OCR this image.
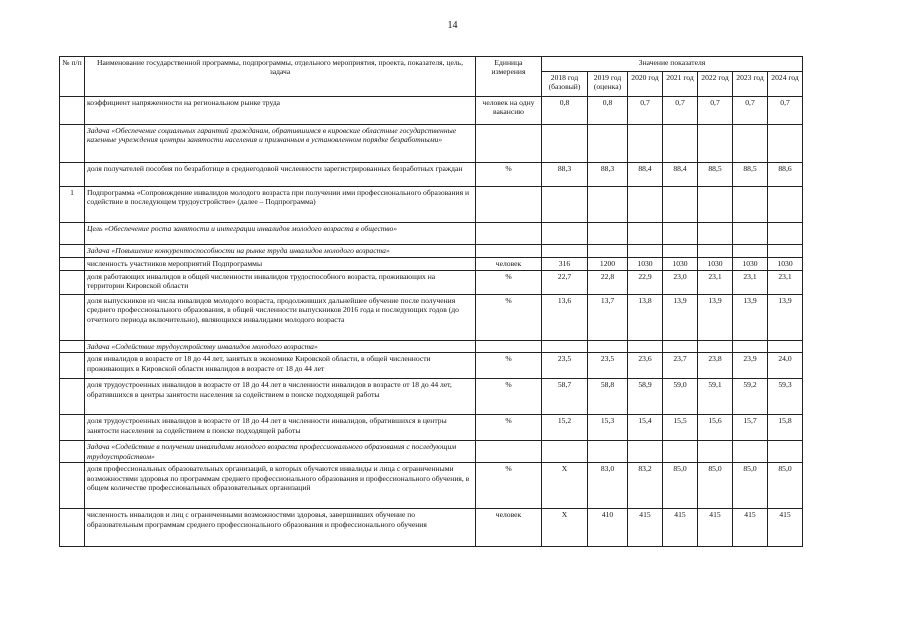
14
№ п/п	Наименование государственной программы, подпрограммы, отдельного мероприятия, проекта, показателя, цель, задача	Единица измерения	Значение показателя						
			2018 год (базовый)	2019 год (оценка)	2020 год	2021 год	2022 год	2023 год	2024 год
	коэффициент напряженности на региональном рынке труда	человек на одну вакансию	0,8	0,8	0,7	0,7	0,7	0,7	0,7
	Задача «Обеспечение социальных гарантий гражданам, обратившимся в кировские областные государственные казенные учреждения центры занятости населения и признанным в установленном порядке безработными»								
	доля получателей пособия по безработице в среднегодовой численности зарегистрированных безработных граждан	%	88,3	88,3	88,4	88,4	88,5	88,5	88,6
1	Подпрограмма «Сопровождение инвалидов молодого возраста при получении ими профессионального образования и содействие в последующем трудоустройстве» (далее – Подпрограмма)								
	Цель «Обеспечение роста занятости и интеграции инвалидов молодого возраста в общество»								
	Задача «Повышение конкурентоспособности на рынке труда инвалидов молодого возраста»								
	численность участников мероприятий Подпрограммы	человек	316	1200	1030	1030	1030	1030	1030
	доля работающих инвалидов в общей численности инвалидов трудоспособного возраста, проживающих на территории Кировской области	%	22,7	22,8	22,9	23,0	23,1	23,1	23,1
	доля выпускников из числа инвалидов молодого возраста, продолживших дальнейшее обучение после получения среднего профессионального образования, в общей численности выпускников 2016 года и последующих годов (до отчетного периода включительно), являющихся инвалидами молодого возраста	%	13,6	13,7	13,8	13,9	13,9	13,9	13,9
	Задача «Содействие трудоустройству инвалидов молодого возраста»								
	доля инвалидов в возрасте от 18 до 44 лет, занятых в экономике Кировской области, в общей численности проживающих в Кировской области инвалидов в возрасте от 18 до 44 лет	%	23,5	23,5	23,6	23,7	23,8	23,9	24,0
	доля трудоустроенных инвалидов в возрасте от 18 до 44 лет в численности инвалидов в возрасте от 18 до 44 лет, обратившихся в центры занятости населения за содействием в поиске подходящей работы	%	58,7	58,8	58,9	59,0	59,1	59,2	59,3
	доля трудоустроенных инвалидов в возрасте от 18 до 44 лет в численности инвалидов, обратившихся в центры занятости населения за содействием в поиске подходящей работы	%	15,2	15,3	15,4	15,5	15,6	15,7	15,8
	Задача «Содействие в получении инвалидами молодого возраста профессионального образования с последующим трудоустройством»								
	доля профессиональных образовательных организаций, в которых обучаются инвалиды и лица с ограниченными возможностями здоровья по программам среднего профессионального образования и профессионального обучения, в общем количестве профессиональных образовательных организаций	%	X	83,0	83,2	85,0	85,0	85,0	85,0
	численность инвалидов и лиц с ограниченными возможностями здоровья, завершивших обучение по образовательным программам среднего профессионального образования и профессионального обучения	человек	X	410	415	415	415	415	415
